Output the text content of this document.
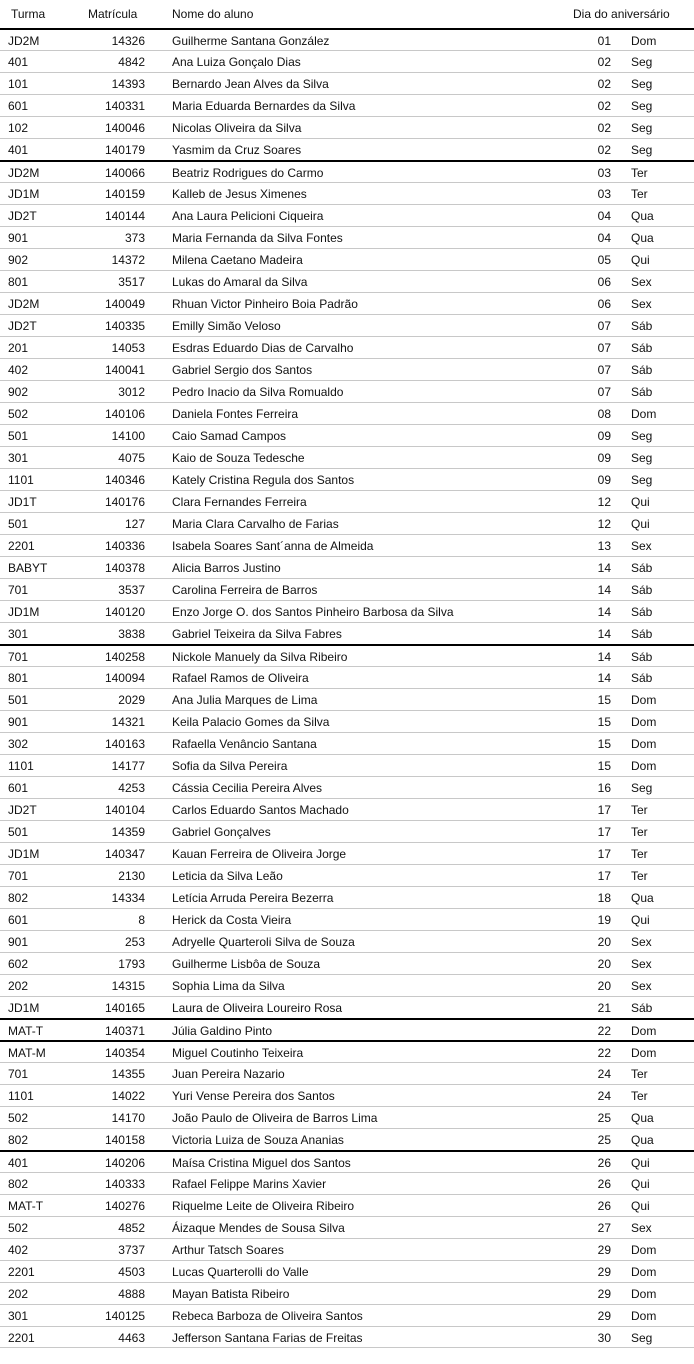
Turma	Matrícula	Nome do aluno	Dia do aniversário
JD2M	14326 Guilherme Santana González	01 Dom
401	4842 Ana Luiza Gonçalo Dias	02 Seg
101	14393 Bernardo Jean Alves da Silva	02 Seg
601	140331 Maria Eduarda Bernardes da Silva	02 Seg
102	140046 Nicolas Oliveira da Silva	02 Seg
401	140179 Yasmim da Cruz Soares	02 Seg
JD2M	140066 Beatriz Rodrigues do Carmo	03 Ter
JD1M	140159 Kalleb de Jesus Ximenes	03 Ter
JD2T	140144 Ana Laura Pelicioni Ciqueira	04 Qua
901	373 Maria Fernanda da Silva Fontes	04 Qua
902	14372 Milena Caetano Madeira	05 Qui
801	3517 Lukas do Amaral da Silva	06 Sex
JD2M	140049 Rhuan Victor Pinheiro Boia Padrão	06 Sex
JD2T	140335 Emilly Simão Veloso	07 Sáb
201	14053 Esdras Eduardo Dias de Carvalho	07 Sáb
402	140041 Gabriel Sergio dos Santos	07 Sáb
902	3012 Pedro Inacio da Silva Romualdo	07 Sáb
502	140106 Daniela Fontes Ferreira	08 Dom
501	14100 Caio Samad Campos	09 Seg
301	4075 Kaio de Souza Tedesche	09 Seg
1101	140346 Kately Cristina Regula dos Santos	09 Seg
JD1T	140176 Clara Fernandes Ferreira	12 Qui
501	127 Maria Clara Carvalho de Farias	12 Qui
2201	140336 Isabela Soares Sant´anna de Almeida	13 Sex
BABYT	140378 Alicia Barros Justino	14 Sáb
701	3537 Carolina Ferreira de Barros	14 Sáb
JD1M	140120 Enzo Jorge O. dos Santos Pinheiro Barbosa da Silva	14 Sáb
301	3838 Gabriel Teixeira da Silva Fabres	14 Sáb
701	140258 Nickole Manuely da Silva Ribeiro	14 Sáb
801	140094 Rafael Ramos de Oliveira	14 Sáb
501	2029 Ana Julia Marques de Lima	15 Dom
901	14321 Keila Palacio Gomes da Silva	15 Dom
302	140163 Rafaella Venâncio Santana	15 Dom
1101	14177 Sofia da Silva Pereira	15 Dom
601	4253 Cássia Cecilia Pereira Alves	16 Seg
JD2T	140104 Carlos Eduardo Santos Machado	17 Ter
501	14359 Gabriel Gonçalves	17 Ter
JD1M	140347 Kauan Ferreira de Oliveira Jorge	17 Ter
701	2130 Leticia da Silva Leão	17 Ter
802	14334 Letícia Arruda Pereira Bezerra	18 Qua
601	8 Herick da Costa Vieira	19 Qui
901	253 Adryelle Quarteroli Silva de Souza	20 Sex
602	1793 Guilherme Lisbôa de Souza	20 Sex
202	14315 Sophia Lima da Silva	20 Sex
JD1M	140165 Laura de Oliveira Loureiro Rosa	21 Sáb
MAT-T	140371 Júlia Galdino Pinto	22 Dom
MAT-M	140354 Miguel Coutinho Teixeira	22 Dom
701	14355 Juan Pereira Nazario	24 Ter
1101	14022 Yuri Vense Pereira dos Santos	24 Ter
502	14170 João Paulo de Oliveira de Barros Lima	25 Qua
802	140158 Victoria Luiza de Souza Ananias	25 Qua
401	140206 Maísa Cristina Miguel dos Santos	26 Qui
802	140333 Rafael Felippe Marins Xavier	26 Qui
MAT-T	140276 Riquelme Leite de Oliveira Ribeiro	26 Qui
502	4852 Áizaque Mendes de Sousa Silva	27 Sex
402	3737 Arthur Tatsch Soares	29 Dom
2201	4503 Lucas Quarterolli do Valle	29 Dom
202	4888 Mayan Batista Ribeiro	29 Dom
301	140125 Rebeca Barboza de Oliveira Santos	29 Dom
2201	4463 Jefferson Santana Farias de Freitas	30 Seg
